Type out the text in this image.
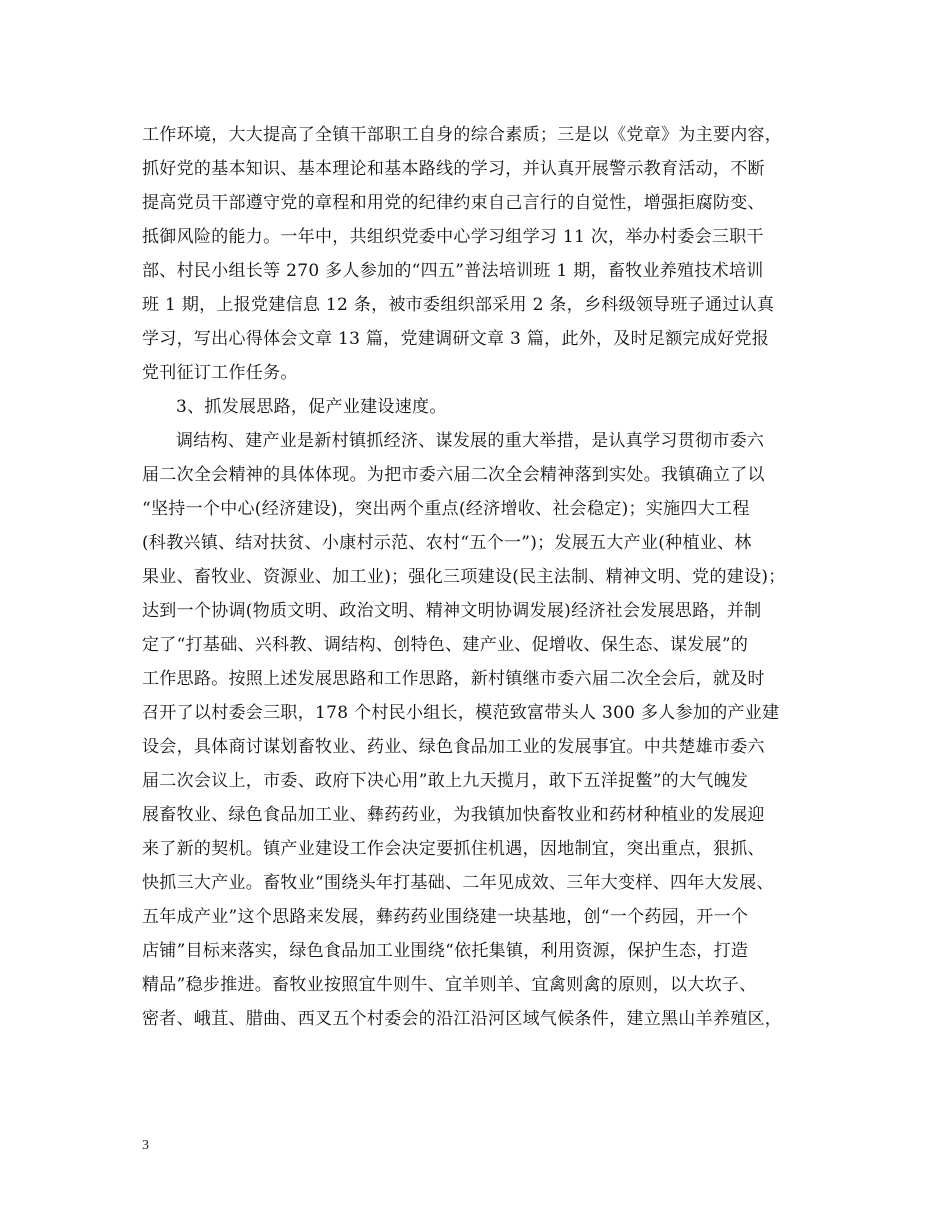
工作环境，大大提高了全镇干部职工自身的综合素质；三是以《党章》为主要内容，
抓好党的基本知识、基本理论和基本路线的学习，并认真开展警示教育活动，不断
提高党员干部遵守党的章程和用党的纪律约束自己言行的自觉性，增强拒腐防变、
抵御风险的能力。一年中，共组织党委中心学习组学习 11 次，举办村委会三职干
部、村民小组长等 270 多人参加的“四五”普法培训班 1 期，畜牧业养殖技术培训
班 1 期，上报党建信息 12 条，被市委组织部采用 2 条，乡科级领导班子通过认真
学习，写出心得体会文章 13 篇，党建调研文章 3 篇，此外，及时足额完成好党报
党刊征订工作任务。
3、抓发展思路，促产业建设速度。
调结构、建产业是新村镇抓经济、谋发展的重大举措，是认真学习贯彻市委六
届二次全会精神的具体体现。为把市委六届二次全会精神落到实处。我镇确立了以
“坚持一个中心(经济建设)，突出两个重点(经济增收、社会稳定)；实施四大工程
(科教兴镇、结对扶贫、小康村示范、农村“五个一”)；发展五大产业(种植业、林
果业、畜牧业、资源业、加工业)；强化三项建设(民主法制、精神文明、党的建设)；
达到一个协调(物质文明、政治文明、精神文明协调发展)经济社会发展思路，并制
定了“打基础、兴科教、调结构、创特色、建产业、促增收、保生态、谋发展”的
工作思路。按照上述发展思路和工作思路，新村镇继市委六届二次全会后，就及时
召开了以村委会三职，178 个村民小组长，模范致富带头人 300 多人参加的产业建
设会，具体商讨谋划畜牧业、药业、绿色食品加工业的发展事宜。中共楚雄市委六
届二次会议上，市委、政府下决心用”敢上九天揽月，敢下五洋捉鳖”的大气魄发
展畜牧业、绿色食品加工业、彝药药业，为我镇加快畜牧业和药材种植业的发展迎
来了新的契机。镇产业建设工作会决定要抓住机遇，因地制宜，突出重点，狠抓、
快抓三大产业。畜牧业“围绕头年打基础、二年见成效、三年大变样、四年大发展、
五年成产业”这个思路来发展，彝药药业围绕建一块基地，创“一个药园，开一个
店铺”目标来落实，绿色食品加工业围绕“依托集镇，利用资源，保护生态，打造
精品”稳步推进。畜牧业按照宜牛则牛、宜羊则羊、宜禽则禽的原则，以大坎子、
密者、峨苴、腊曲、西叉五个村委会的沿江沿河区域气候条件，建立黑山羊养殖区，
3
